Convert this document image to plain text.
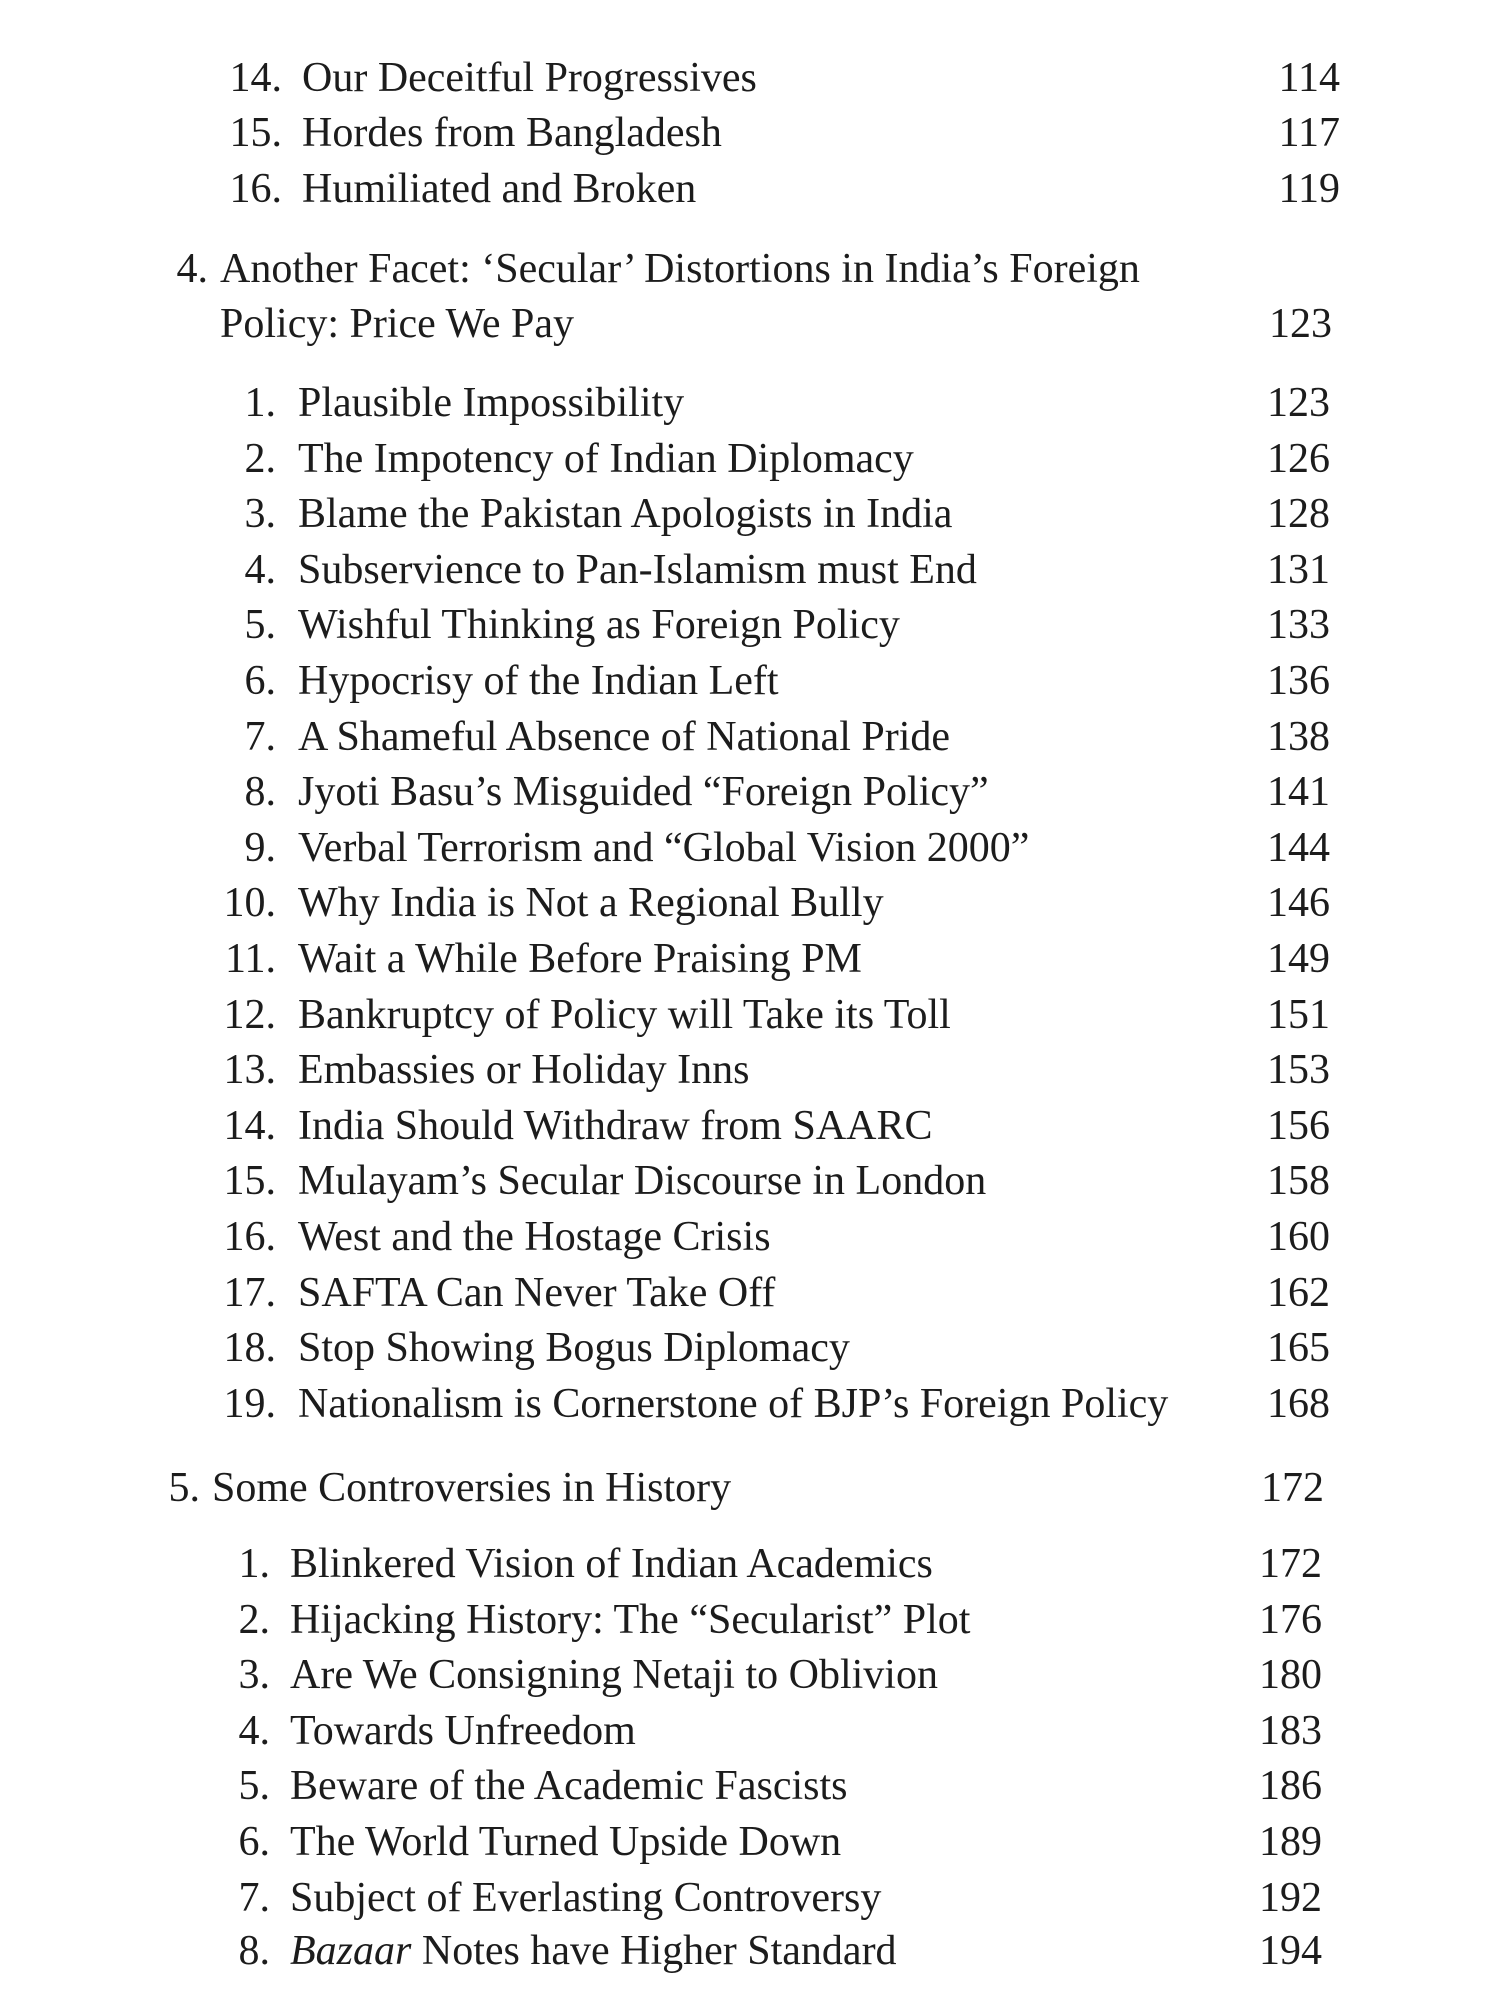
14. Our Deceitful Progressives	114
15. Hordes from Bangladesh	117
16. Humiliated and Broken	119
4. Another Facet: ‘Secular’ Distortions in India’s Foreign
Policy: Price We Pay	123
1. Plausible Impossibility	123
2. The Impotency of Indian Diplomacy	126
3. Blame the Pakistan Apologists in India	128
4. Subservience to Pan-Islamism must End	131
5. Wishful Thinking as Foreign Policy	133
6. Hypocrisy of the Indian Left	136
7. A Shameful Absence of National Pride	138
8. Jyoti Basu’s Misguided “Foreign Policy”	141
9. Verbal Terrorism and “Global Vision 2000”	144
10. Why India is Not a Regional Bully	146
11. Wait a While Before Praising PM	149
12. Bankruptcy of Policy will Take its Toll	151
13. Embassies or Holiday Inns	153
14. India Should Withdraw from SAARC	156
15. Mulayam’s Secular Discourse in London	158
16. West and the Hostage Crisis	160
17. SAFTA Can Never Take Off	162
18. Stop Showing Bogus Diplomacy	165
19. Nationalism is Cornerstone of BJP’s Foreign Policy	168
5. Some Controversies in History	172
1. Blinkered Vision of Indian Academics	172
2. Hijacking History: The “Secularist” Plot	176
3. Are We Consigning Netaji to Oblivion	180
4. Towards Unfreedom	183
5. Beware of the Academic Fascists	186
6. The World Turned Upside Down	189
7. Subject of Everlasting Controversy	192
8. Bazaar Notes have Higher Standard	194
